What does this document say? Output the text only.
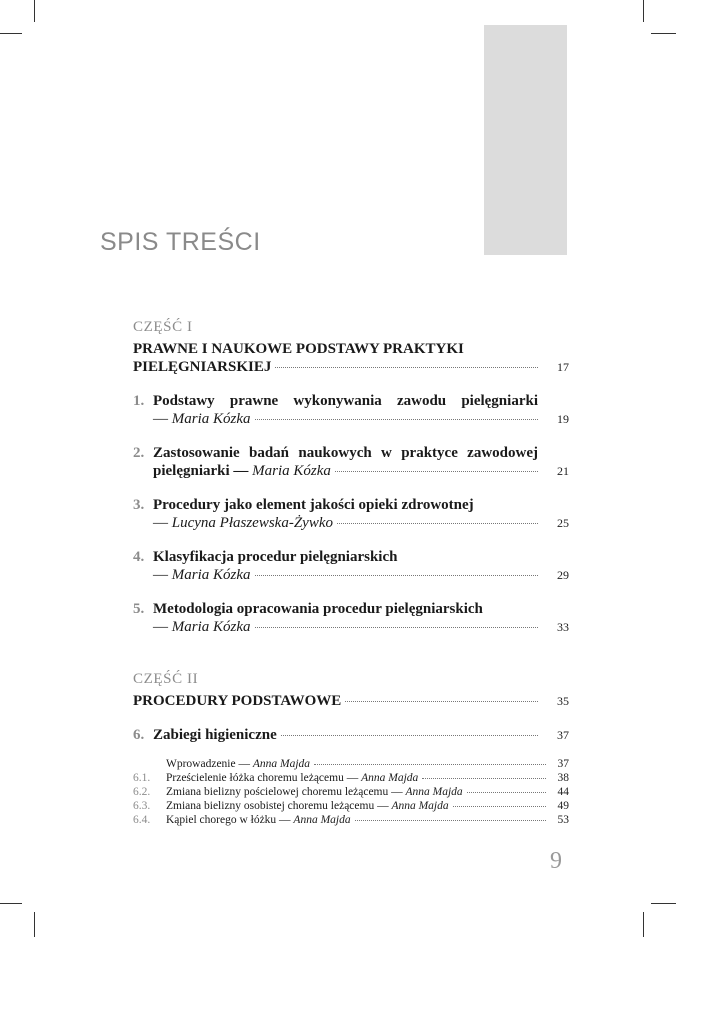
SPIS TREŚCI
CZĘŚĆ I
PRAWNE I NAUKOWE PODSTAWY PRAKTYKI
PIELĘGNIARSKIEJ	17
1. Podstawy prawne wykonywania zawodu pielęgniarki
— Maria Kózka	19
2. Zastosowanie badań naukowych w praktyce zawodowej
pielęgniarki — Maria Kózka	21
3. Procedury jako element jakości opieki zdrowotnej
— Lucyna Płaszewska-Żywko	25
4. Klasyfikacja procedur pielęgniarskich
— Maria Kózka	29
5. Metodologia opracowania procedur pielęgniarskich
— Maria Kózka	33
CZĘŚĆ II
PROCEDURY PODSTAWOWE	35
6. Zabiegi higieniczne	37
Wprowadzenie — Anna Majda	37
6.1.	Prześcielenie łóżka choremu leżącemu — Anna Majda	38
6.2.	Zmiana bielizny pościelowej choremu leżącemu — Anna Majda	44
6.3.	Zmiana bielizny osobistej choremu leżącemu — Anna Majda	49
6.4.	Kąpiel chorego w łóżku — Anna Majda	53
9
